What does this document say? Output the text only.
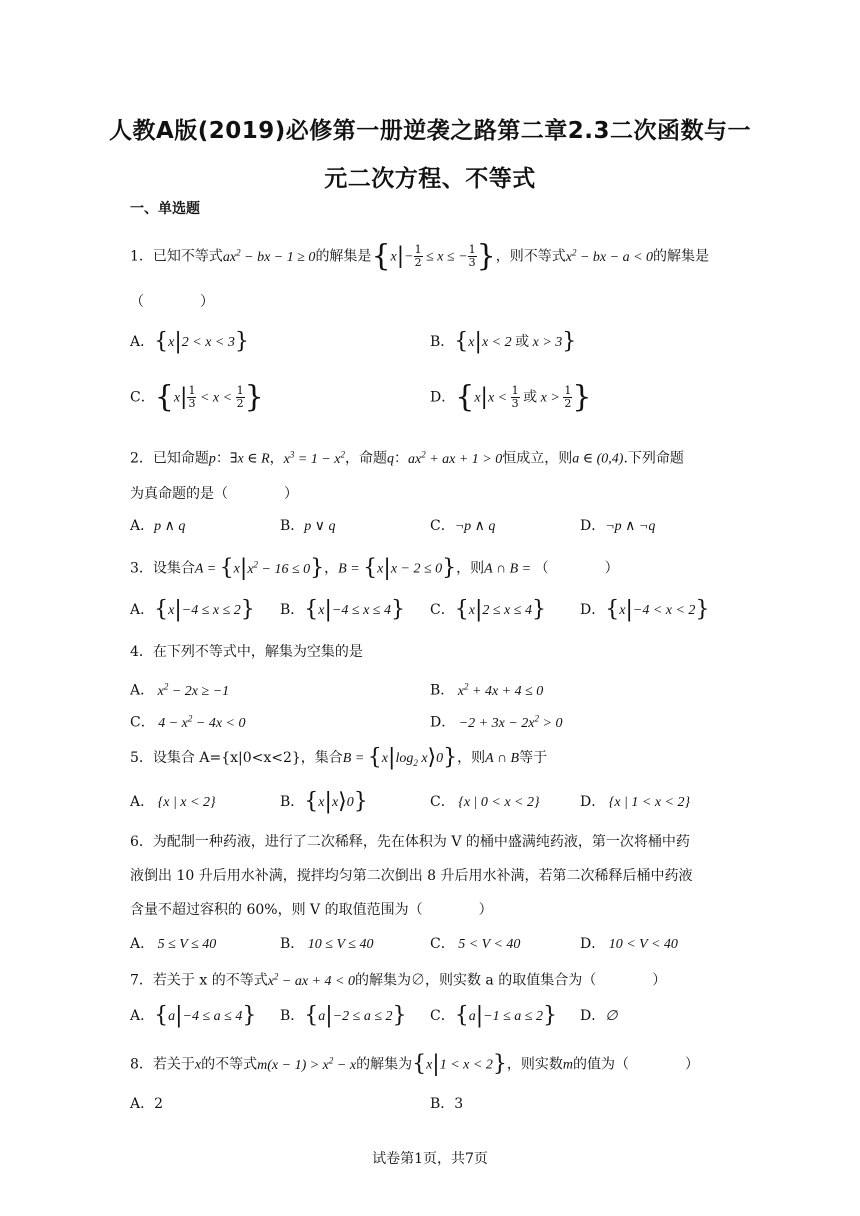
人教A版(2019)必修第一册逆袭之路第二章2.3二次函数与一
元二次方程、不等式
一、单选题
1．已知不等式$ax^2$ − bx − 1 ≥ 0的解集是{$x|- \frac{1}{2} \le x$ ≤ − $\frac{1}{3}$ }，则不等式$x^2$ − bx − a < 0的解集是
（　　　　）
A．{x|2 < x < 3}	B．{x|x < 2 或 x > 3}
C．{$x| \frac{1}{3} < x < \frac{1}{2}$ }	D．{$x|x < \frac{1}{3}$ 或 $x > \frac{1}{2}$ }
2．已知命题p：∃x ∈ R，$x^3 = 1 - x^2$，命题q：$ax^2$ + ax + 1 > 0恒成立，则a ∈ (0,4).下列命题
为真命题的是（　　　　）
A．p ∧ q	B．p ∨ q	C．¬p ∧ q	D．¬p ∧ ¬q
3．设集合$A = \{x|x^2 - 16 \le 0\}$，B = {x|x − 2 ≤ 0}，则A ∩ B = （　　　　）
A．{x|−4 ≤ x ≤ 2} B．{x|−4 ≤ x ≤ 4} C．{x|2 ≤ x ≤ 4} D．{x|−4 < x < 2}
4．在下列不等式中，解集为空集的是
A． $x^2 - 2x \ge -1$	B． $x^2 + 4x + 4 \le 0$
C． $4 - x^2 - 4x < 0$	D． $-2 + 3x - 2x^2 > 0$
5．设集合 A={x|0<x<2}，集合$B = \{x|\log_2$ x⟩0}，则A ∩ B等于
A． {x | x < 2}	B．{x|x⟩0}	C． {x | 0 < x < 2}	D． {x | 1 < x < 2}
6．为配制一种药液，进行了二次稀释，先在体积为 V 的桶中盛满纯药液，第一次将桶中药
液倒出 10 升后用水补满，搅拌均匀第二次倒出 8 升后用水补满，若第二次稀释后桶中药液
含量不超过容积的 60%，则 V 的取值范围为（　　　　）
A． 5 ≤ V ≤ 40	B． 10 ≤ V ≤ 40	C． 5 < V < 40	D． 10 < V < 40
7．若关于 x 的不等式$x^2$ − ax + 4 < 0的解集为∅，则实数 a 的取值集合为（　　　　）
A．{a|−4 ≤ a ≤ 4} B．{a|−2 ≤ a ≤ 2} C．{a|−1 ≤ a ≤ 2} D．∅
8．若关于x的不等式$m(x - 1) > x^2 - x$的解集为{x|1 < x < 2}，则实数m的值为（　　　　）
A．2	B．3
试卷第1页，共7页
